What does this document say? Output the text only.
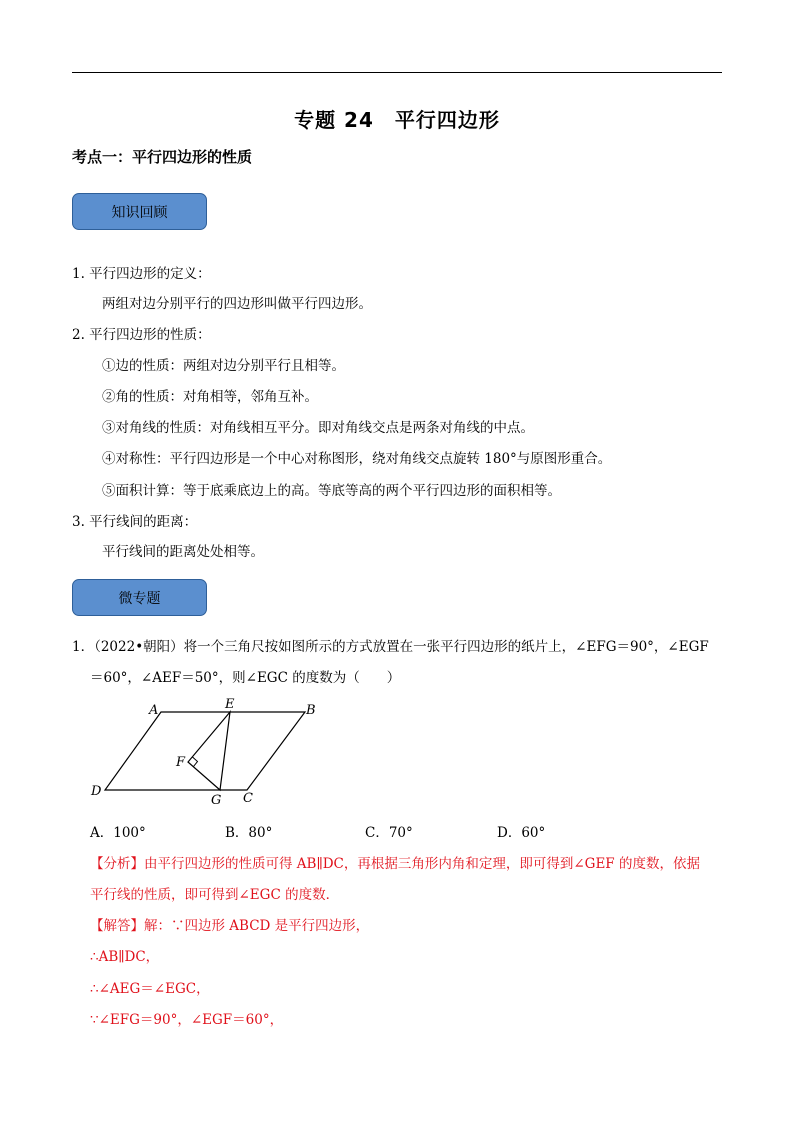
专题 24　平行四边形
考点一：平行四边形的性质
知识回顾
1. 平行四边形的定义：
两组对边分别平行的四边形叫做平行四边形。
2. 平行四边形的性质：
①边的性质：两组对边分别平行且相等。
②角的性质：对角相等，邻角互补。
③对角线的性质：对角线相互平分。即对角线交点是两条对角线的中点。
④对称性：平行四边形是一个中心对称图形，绕对角线交点旋转 180°与原图形重合。
⑤面积计算：等于底乘底边上的高。等底等高的两个平行四边形的面积相等。
3. 平行线间的距离：
平行线间的距离处处相等。
微专题
1．（2022•朝阳）将一个三角尺按如图所示的方式放置在一张平行四边形的纸片上，∠EFG＝90°，∠EGF
＝60°，∠AEF＝50°，则∠EGC 的度数为（　　）
A	E	B
F
D
G C
A．100°	B．80°	C．70°	D．60°
【分析】由平行四边形的性质可得 AB∥DC，再根据三角形内角和定理，即可得到∠GEF 的度数，依据
平行线的性质，即可得到∠EGC 的度数．
【解答】解：∵四边形 ABCD 是平行四边形，
∴AB∥DC，
∴∠AEG＝∠EGC，
∵∠EFG＝90°，∠EGF＝60°，
